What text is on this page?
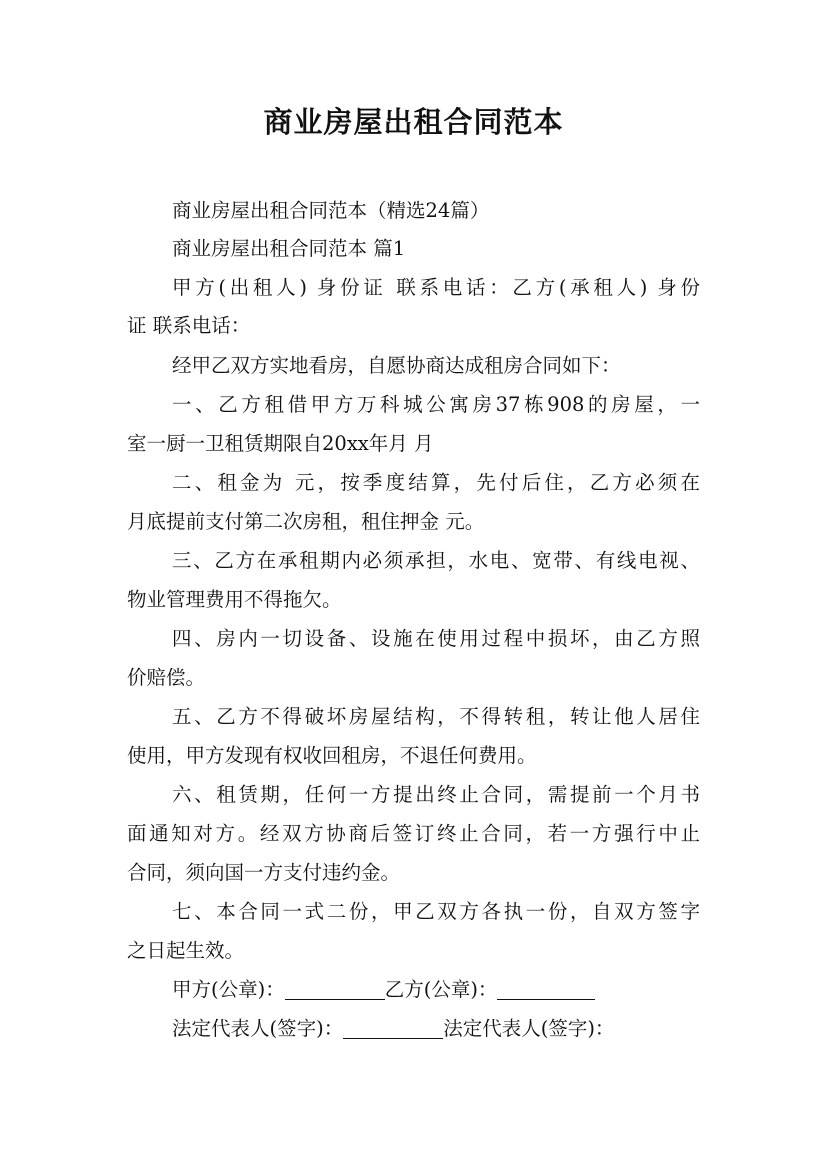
商业房屋出租合同范本
商业房屋出租合同范本（精选24篇）
商业房屋出租合同范本 篇1
甲方(出租人) 身份证 联系电话：乙方(承租人) 身份
证 联系电话：
经甲乙双方实地看房，自愿协商达成租房合同如下：
一、乙方租借甲方万科城公寓房37栋908的房屋，一
室一厨一卫租赁期限自20xx年月 月
二、租金为 元，按季度结算，先付后住，乙方必须在
月底提前支付第二次房租，租住押金 元。
三、乙方在承租期内必须承担，水电、宽带、有线电视、
物业管理费用不得拖欠。
四、房内一切设备、设施在使用过程中损坏，由乙方照
价赔偿。
五、乙方不得破坏房屋结构，不得转租，转让他人居住
使用，甲方发现有权收回租房，不退任何费用。
六、租赁期，任何一方提出终止合同，需提前一个月书
面通知对方。经双方协商后签订终止合同，若一方强行中止
合同，须向国一方支付违约金。
七、本合同一式二份，甲乙双方各执一份，自双方签字
之日起生效。
甲方(公章)：	乙方(公章)：
法定代表人(签字)：	法定代表人(签字)：
